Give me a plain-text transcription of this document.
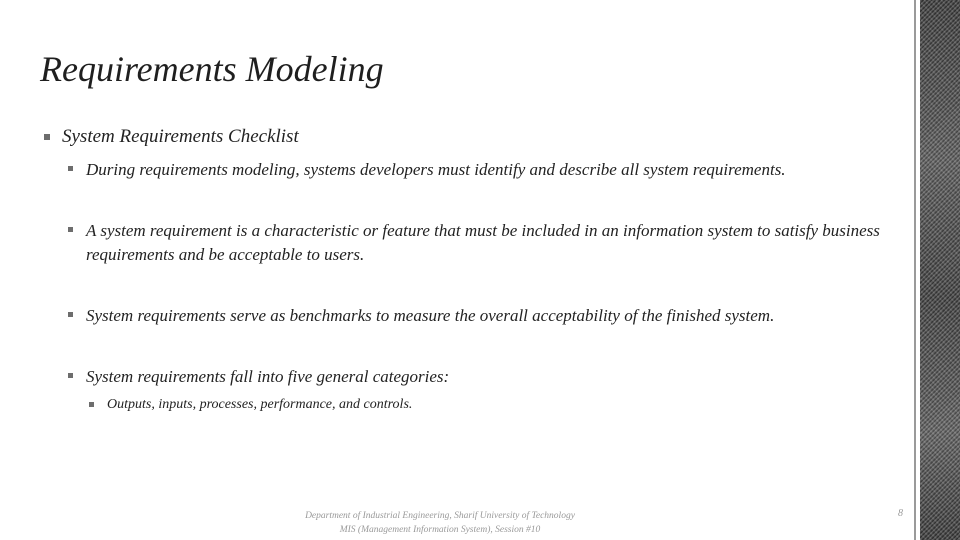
Requirements Modeling
System Requirements Checklist
During requirements modeling, systems developers must identify and describe all system requirements.
A system requirement is a characteristic or feature that must be included in an information system to satisfy business requirements and be acceptable to users.
System requirements serve as benchmarks to measure the overall acceptability of the finished system.
System requirements fall into five general categories:
Outputs, inputs, processes, performance, and controls.
Department of Industrial Engineering, Sharif University of Technology
MIS (Management Information System), Session #10
8
